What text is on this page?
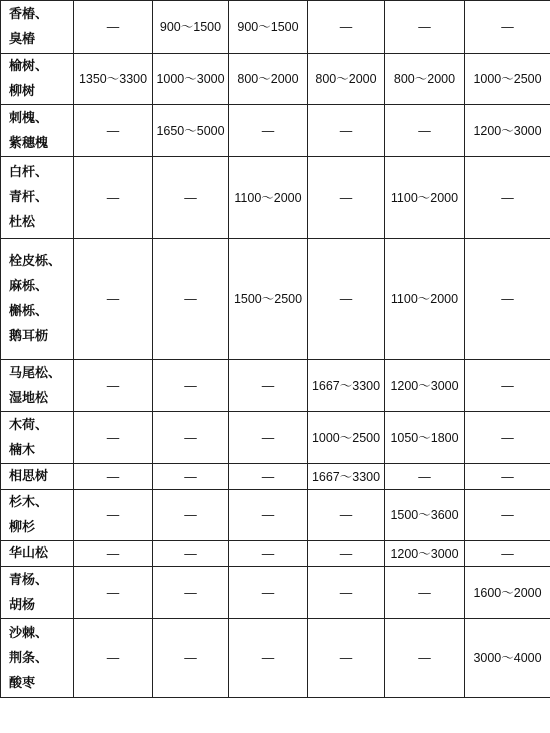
香椿、
臭椿	—	900～1500	900～1500	—	—	—

榆树、
柳树	1350～3300	1000～3000	800～2000	800～2000	800～2000	1000～2500

刺槐、
紫穗槐	—	1650～5000	—	—	—	1200～3000

白杆、
青杆、
杜松	—	—	1100～2000	—	1100～2000	—

栓皮栎、
麻栎、
槲栎、
鹅耳枥	—	—	1500～2500	—	1100～2000	—

马尾松、
湿地松	—	—	—	1667～3300	1200～3000	—

木荷、
楠木	—	—	—	1000～2500	1050～1800	—

相思树	—	—	—	1667～3300	—	—

杉木、
柳杉	—	—	—	—	1500～3600	—

华山松	—	—	—	—	1200～3000	—

青杨、
胡杨	—	—	—	—	—	1600～2000

沙棘、
荆条、
酸枣	—	—	—	—	—	3000～4000
